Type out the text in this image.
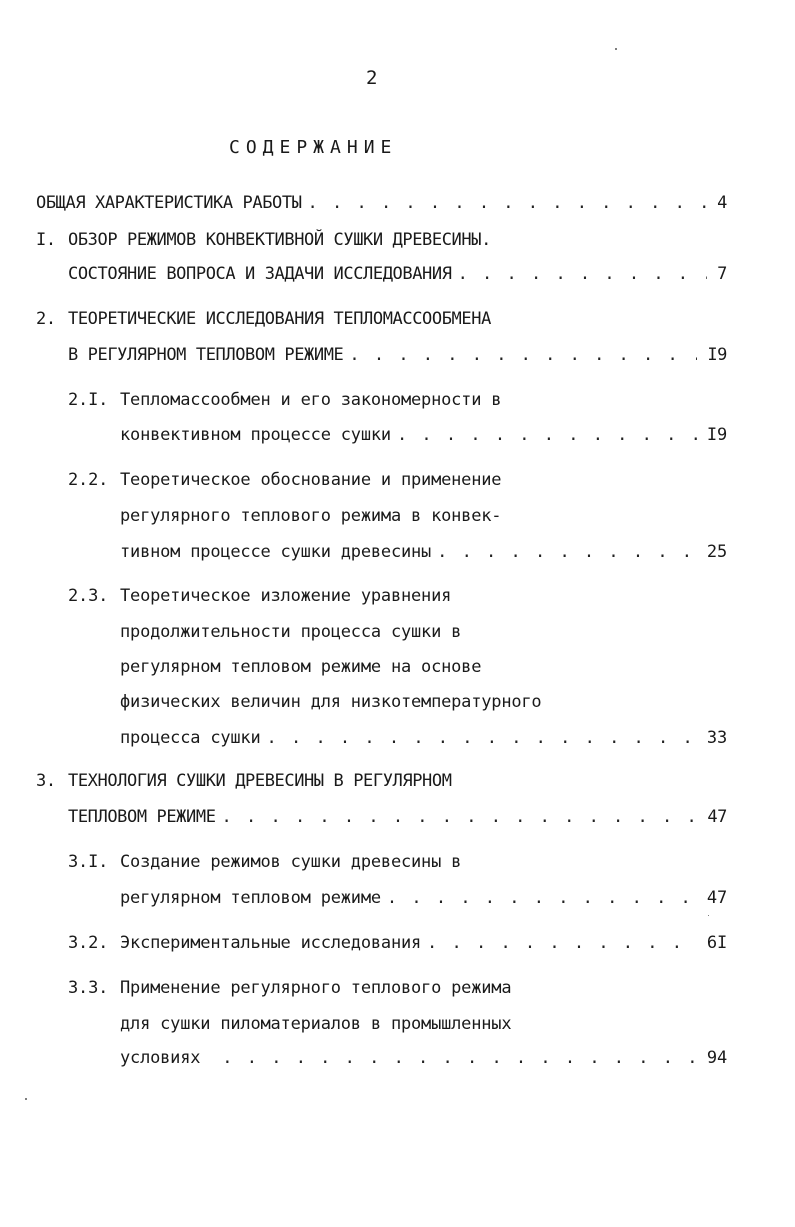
2
СОДЕРЖАНИЕ
ОБЩАЯ ХАРАКТЕРИСТИКА РАБОТЫ . . .	4
I. ОБЗОР РЕЖИМОВ КОНВЕКТИВНОЙ СУШКИ ДРЕВЕСИНЫ.
СОСТОЯНИЕ ВОПРОСА И ЗАДАЧИ ИССЛЕДОВАНИЯ . . .	7
2. ТЕОРЕТИЧЕСКИЕ ИССЛЕДОВАНИЯ ТЕПЛОМАССООБМЕНА
В РЕГУЛЯРНОМ ТЕПЛОВОМ РЕЖИМЕ . . .	I9
2.I. Тепломассообмен и его закономерности в
конвективном процессе сушки . . .	I9
2.2. Теоретическое обоснование и применение
регулярного теплового режима в конвек-
тивном процессе сушки древесины . . .	25
2.3. Теоретическое изложение уравнения
продолжительности процесса сушки в
регулярном тепловом режиме на основе
физических величин для низкотемпературного
процесса сушки . . .	33
3. ТЕХНОЛОГИЯ СУШКИ ДРЕВЕСИНЫ В РЕГУЛЯРНОМ
ТЕПЛОВОМ РЕЖИМЕ . . .	47
3.I. Создание режимов сушки древесины в
регулярном тепловом режиме . . .	47
3.2. Экспериментальные исследования . . .	6I
3.3. Применение регулярного теплового режима
для сушки пиломатериалов в промышленных
условиях . . .	94
